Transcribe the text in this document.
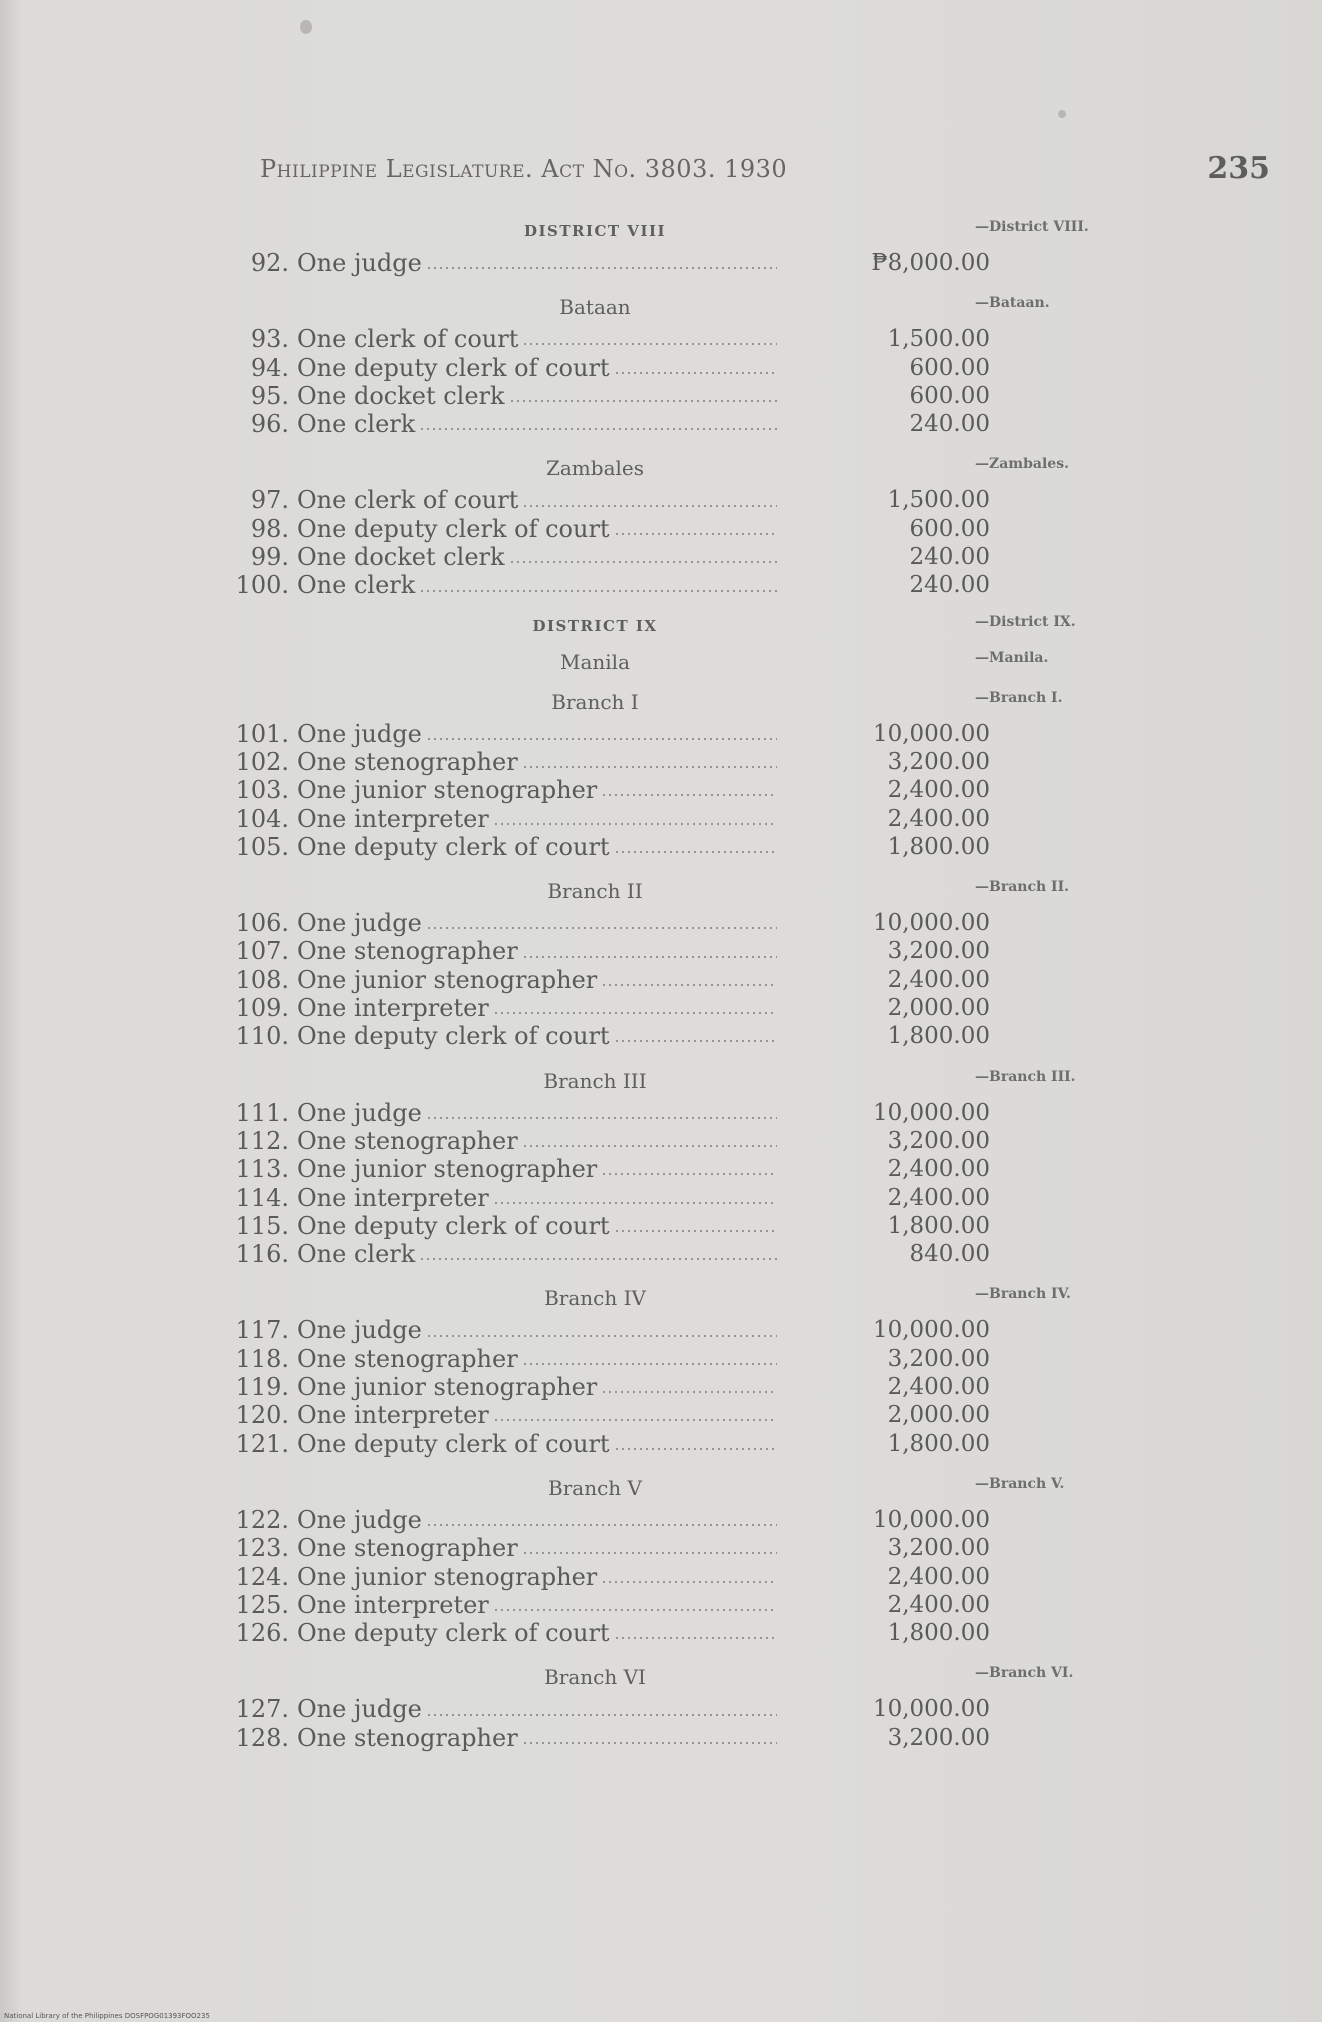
Philippine Legislature. Act No. 3803. 1930	235
DISTRICT VIII	—District VIII.
92. One judge	₱8,000.00
Bataan	—Bataan.
93. One clerk of court	1,500.00
94. One deputy clerk of court	600.00
95. One docket clerk	600.00
96. One clerk	240.00
Zambales	—Zambales.
97. One clerk of court	1,500.00
98. One deputy clerk of court	600.00
99. One docket clerk	240.00
100. One clerk	240.00
DISTRICT IX	—District IX.
Manila	—Manila.
Branch I	—Branch I.
101. One judge	10,000.00
102. One stenographer	3,200.00
103. One junior stenographer	2,400.00
104. One interpreter	2,400.00
105. One deputy clerk of court	1,800.00
Branch II	—Branch II.
106. One judge	10,000.00
107. One stenographer	3,200.00
108. One junior stenographer	2,400.00
109. One interpreter	2,000.00
110. One deputy clerk of court	1,800.00
Branch III	—Branch III.
111. One judge	10,000.00
112. One stenographer	3,200.00
113. One junior stenographer	2,400.00
114. One interpreter	2,400.00
115. One deputy clerk of court	1,800.00
116. One clerk	840.00
Branch IV	—Branch IV.
117. One judge	10,000.00
118. One stenographer	3,200.00
119. One junior stenographer	2,400.00
120. One interpreter	2,000.00
121. One deputy clerk of court	1,800.00
Branch V	—Branch V.
122. One judge	10,000.00
123. One stenographer	3,200.00
124. One junior stenographer	2,400.00
125. One interpreter	2,400.00
126. One deputy clerk of court	1,800.00
Branch VI	—Branch VI.
127. One judge	10,000.00
128. One stenographer	3,200.00
National Library of the Philippines DOSFPOG01393FOO235
